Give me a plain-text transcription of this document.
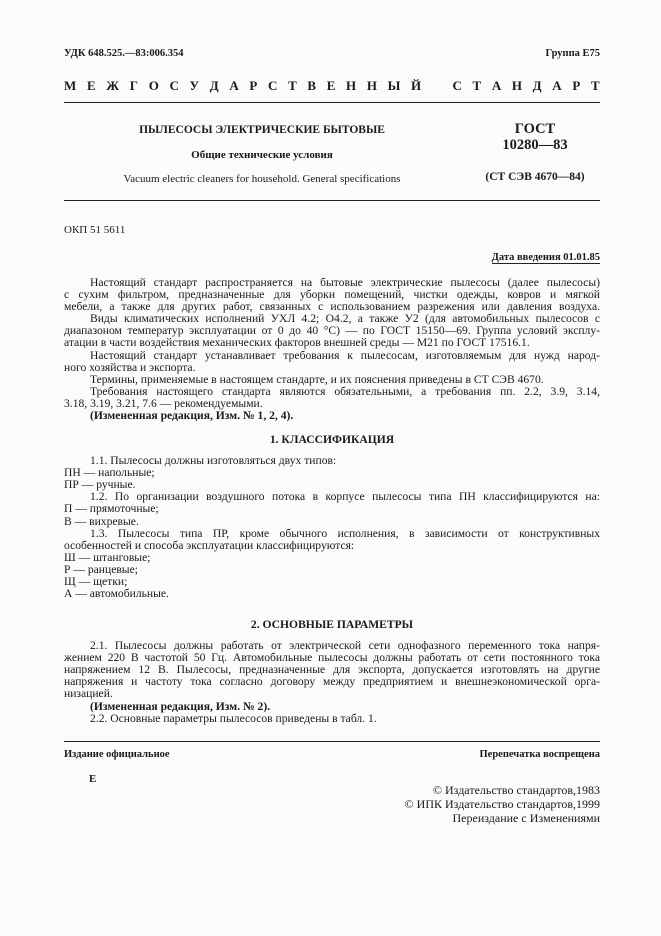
УДК 648.525.—83:006.354	Группа Е75
М Е Ж Г О С У Д А Р С Т В Е Н Н Ы Й С Т А Н Д А Р Т
ПЫЛЕСОСЫ ЭЛЕКТРИЧЕСКИЕ БЫТОВЫЕ
Общие технические условия
Vacuum electric cleaners for household. General specifications
ГОСТ
10280—83
(СТ СЭВ 4670—84)
ОКП 51 5611
Дата введения 01.01.85

Настоящий стандарт распространяется на бытовые электрические пылесосы (далее пылесосы)

с сухим фильтром, предназначенные для уборки помещений, чистки одежды, ковров и мягкой

мебели, а также для других работ, связанных с использованием разрежения или давления воздуха.

Виды климатических исполнений УХЛ 4.2; О4.2, а также У2 (для автомобильных пылесосов с

диапазоном температур эксплуатации от 0 до 40 °С) — по ГОСТ 15150—69. Группа условий эксплу-

атации в части воздействия механических факторов внешней среды — М21 по ГОСТ 17516.1.

Настоящий стандарт устанавливает требования к пылесосам, изготовляемым для нужд народ-

ного хозяйства и экспорта.

Термины, применяемые в настоящем стандарте, и их пояснения приведены в СТ СЭВ 4670.

Требования настоящего стандарта являются обязательными, а требования пп. 2.2, 3.9, 3.14,

3.18, 3.19, 3.21, 7.6 — рекомендуемыми.

(Измененная редакция, Изм. № 1, 2, 4).

1. КЛАССИФИКАЦИЯ

1.1. Пылесосы должны изготовляться двух типов:

ПН — напольные;

ПР — ручные.

1.2. По организации воздушного потока в корпусе пылесосы типа ПН классифицируются на:

П — прямоточные;

В — вихревые.

1.3. Пылесосы типа ПР, кроме обычного исполнения, в зависимости от конструктивных

особенностей и способа эксплуатации классифицируются:

Ш — штанговые;

Р — ранцевые;

Щ — щетки;

А — автомобильные.

2. ОСНОВНЫЕ ПАРАМЕТРЫ

2.1. Пылесосы должны работать от электрической сети однофазного переменного тока напря-

жением 220 В частотой 50 Гц. Автомобильные пылесосы должны работать от сети постоянного тока

напряжением 12 В. Пылесосы, предназначенные для экспорта, допускается изготовлять на другие

напряжения и частоту тока согласно договору между предприятием и внешнеэкономической орга-

низацией.

(Измененная редакция, Изм. № 2).

2.2. Основные параметры пылесосов приведены в табл. 1.

Издание официальное	Перепечатка воспрещена
Е
© Издательство стандартов,1983
© ИПК Издательство стандартов,1999
Переиздание с Изменениями
